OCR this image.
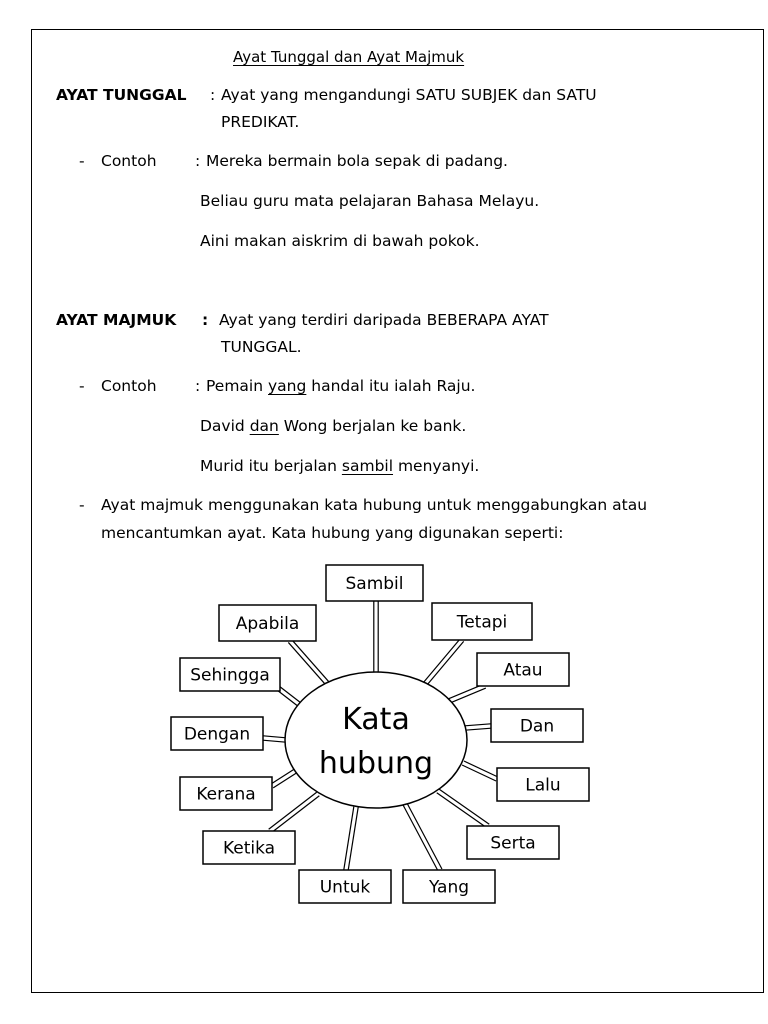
Ayat Tunggal dan Ayat Majmuk
AYAT TUNGGAL : Ayat yang mengandungi SATU SUBJEK dan SATU
PREDIKAT.
- Contoh : Mereka bermain bola sepak di padang.
Beliau guru mata pelajaran Bahasa Melayu.
Aini makan aiskrim di bawah pokok.
AYAT MAJMUK : Ayat yang terdiri daripada BEBERAPA AYAT
TUNGGAL.
- Contoh : Pemain yang handal itu ialah Raju.
David dan Wong berjalan ke bank.
Murid itu berjalan sambil menyanyi.
- Ayat majmuk menggunakan kata hubung untuk menggabungkan atau
mencantumkan ayat. Kata hubung yang digunakan seperti:
Kata
hubung
Sambil
Tetapi
Atau
Dan
Lalu
Serta
Yang
Untuk
Ketika
Kerana
Dengan
Sehingga
Apabila
